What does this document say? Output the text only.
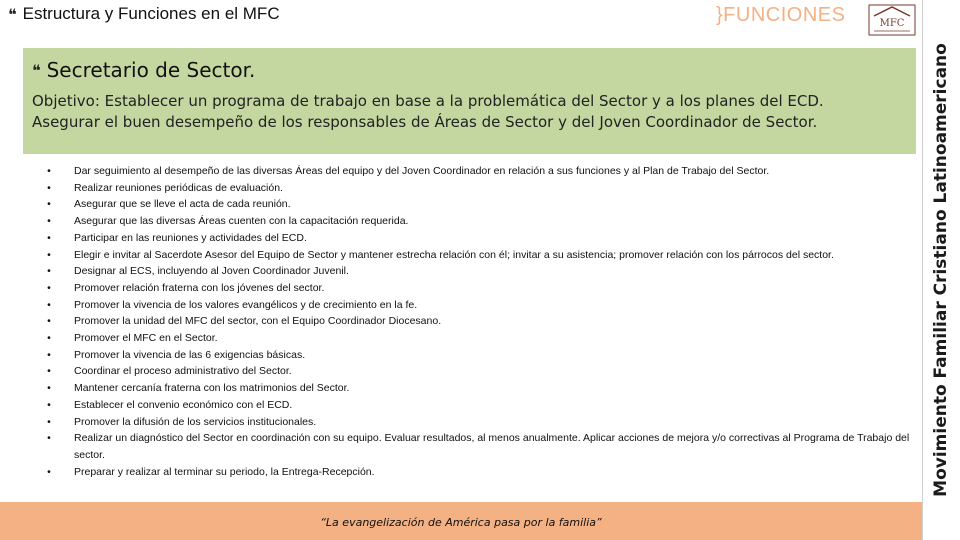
❝ Estructura y Funciones en el MFC	}FUNCIONES	MFC
❝ Secretario de Sector.
Objetivo: Establecer un programa de trabajo en base a la problemática del Sector y a los planes del ECD. Asegurar el buen desempeño de los responsables de Áreas de Sector y del Joven Coordinador de Sector.
•	Dar seguimiento al desempeño de las diversas Áreas del equipo y del Joven Coordinador en relación a sus funciones y al Plan de Trabajo del Sector.
•	Realizar reuniones periódicas de evaluación.
•	Asegurar que se lleve el acta de cada reunión.
•	Asegurar que las diversas Áreas cuenten con la capacitación requerida.
•	Participar en las reuniones y actividades del ECD.
•	Elegir e invitar al Sacerdote Asesor del Equipo de Sector y mantener estrecha relación con él; invitar a su asistencia; promover relación con los párrocos del sector.
•	Designar al ECS, incluyendo al Joven Coordinador Juvenil.
•	Promover relación fraterna con los jóvenes del sector.
•	Promover la vivencia de los valores evangélicos y de crecimiento en la fe.
•	Promover la unidad del MFC del sector, con el Equipo Coordinador Diocesano.
•	Promover el MFC en el Sector.
•	Promover la vivencia de las 6 exigencias básicas.
•	Coordinar el proceso administrativo del Sector.
•	Mantener cercanía fraterna con los matrimonios del Sector.
•	Establecer el convenio económico con el ECD.
•	Promover la difusión de los servicios institucionales.
•	Realizar un diagnóstico del Sector en coordinación con su equipo. Evaluar resultados, al menos anualmente. Aplicar acciones de mejora y/o correctivas al Programa de Trabajo del sector.
•	Preparar y realizar al terminar su periodo, la Entrega-Recepción.
“La evangelización de América pasa por la familia”
Movimiento Familiar Cristiano Latinoamericano
